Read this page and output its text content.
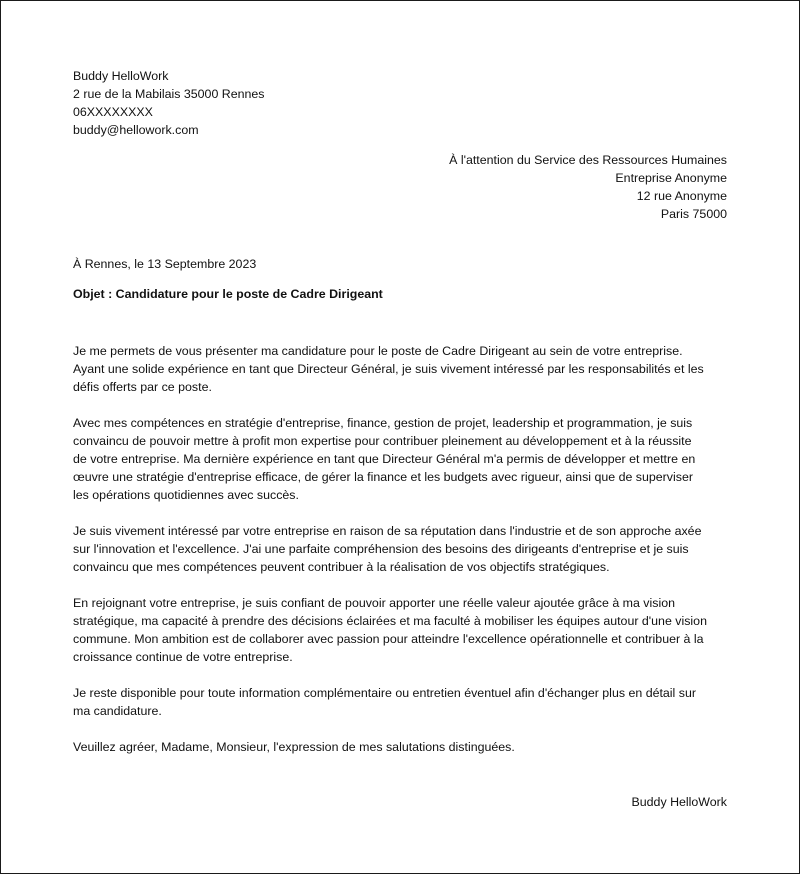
Buddy HelloWork
2 rue de la Mabilais 35000 Rennes
06XXXXXXXX
buddy@hellowork.com
À l'attention du Service des Ressources Humaines
Entreprise Anonyme
12 rue Anonyme
Paris 75000
À Rennes, le 13 Septembre 2023
Objet : Candidature pour le poste de Cadre Dirigeant

Je me permets de vous présenter ma candidature pour le poste de Cadre Dirigeant au sein de votre entreprise.
Ayant une solide expérience en tant que Directeur Général, je suis vivement intéressé par les responsabilités et les
défis offerts par ce poste.

Avec mes compétences en stratégie d'entreprise, finance, gestion de projet, leadership et programmation, je suis
convaincu de pouvoir mettre à profit mon expertise pour contribuer pleinement au développement et à la réussite
de votre entreprise. Ma dernière expérience en tant que Directeur Général m'a permis de développer et mettre en
œuvre une stratégie d'entreprise efficace, de gérer la finance et les budgets avec rigueur, ainsi que de superviser
les opérations quotidiennes avec succès.

Je suis vivement intéressé par votre entreprise en raison de sa réputation dans l'industrie et de son approche axée
sur l'innovation et l'excellence. J'ai une parfaite compréhension des besoins des dirigeants d'entreprise et je suis
convaincu que mes compétences peuvent contribuer à la réalisation de vos objectifs stratégiques.

En rejoignant votre entreprise, je suis confiant de pouvoir apporter une réelle valeur ajoutée grâce à ma vision
stratégique, ma capacité à prendre des décisions éclairées et ma faculté à mobiliser les équipes autour d'une vision
commune. Mon ambition est de collaborer avec passion pour atteindre l'excellence opérationnelle et contribuer à la
croissance continue de votre entreprise.

Je reste disponible pour toute information complémentaire ou entretien éventuel afin d'échanger plus en détail sur
ma candidature.

Veuillez agréer, Madame, Monsieur, l'expression de mes salutations distinguées.

Buddy HelloWork
